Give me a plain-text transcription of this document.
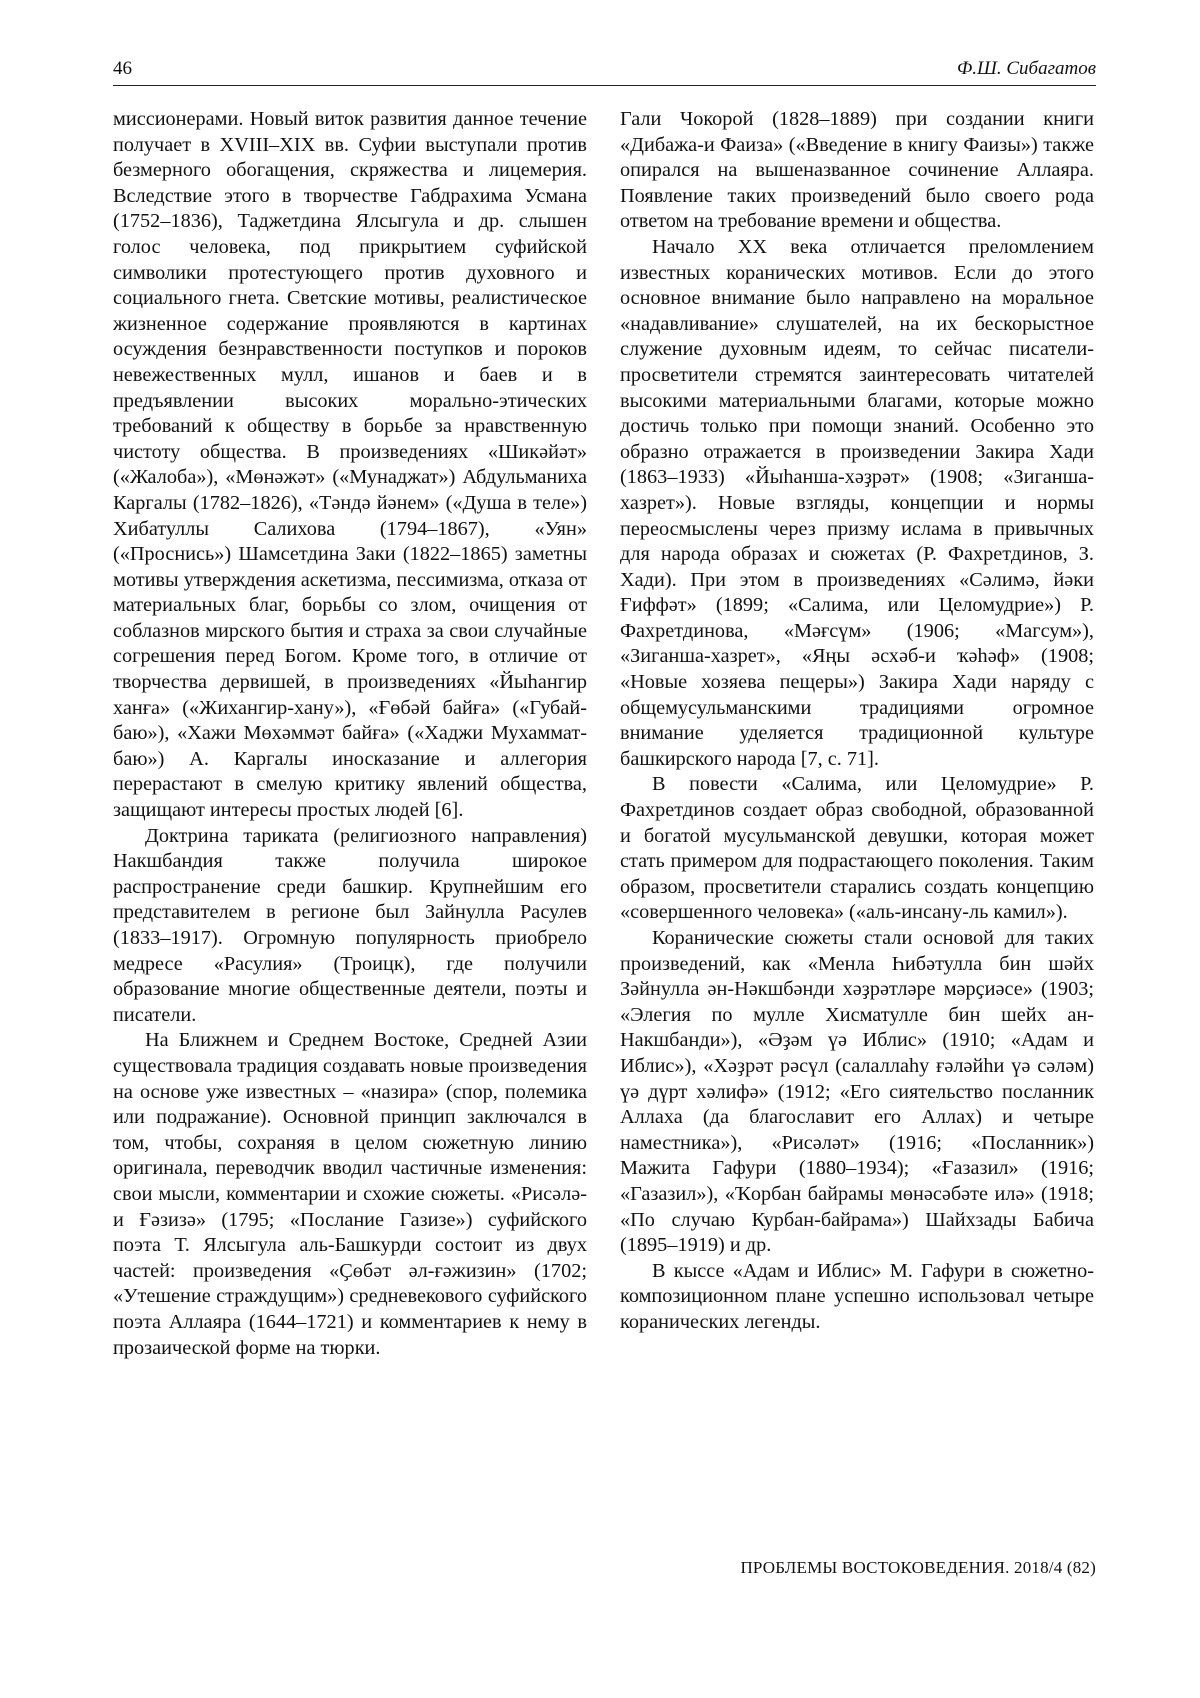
46	Ф.Ш. Сибагатов

миссионерами. Новый виток развития данное течение получает в XVIII–XIX вв. Суфии выступали против безмерного обогащения, скряжества и лицемерия. Вследствие этого в творчестве Габдрахима Усмана (1752–1836), Таджетдина Ялсыгула и др. слышен голос человека, под прикрытием суфийской символики протестующего против духовного и социального гнета. Светские мотивы, реалистическое жизненное содержание проявляются в картинах осуждения безнравственности поступков и пороков невежественных мулл, ишанов и баев и в предъявлении высоких морально-этических требований к обществу в борьбе за нравственную чистоту общества. В произведениях «Шикәйәт» («Жалоба»), «Мөнәжәт» («Мунаджат») Абдульманиха Каргалы (1782–1826), «Тәндә йәнем» («Душа в теле») Хибатуллы Салихова (1794–1867), «Уян» («Проснись») Шамсетдина Заки (1822–1865) заметны мотивы утверждения аскетизма, пессимизма, отказа от материальных благ, борьбы со злом, очищения от соблазнов мирского бытия и страха за свои случайные согрешения перед Богом. Кроме того, в отличие от творчества дервишей, в произведениях «Йыһангир ханға» («Жихангир-хану»), «Ғөбәй байға» («Губай-баю»), «Хажи Мөхәммәт байға» («Хаджи Мухаммат-баю») А. Каргалы иносказание и аллегория перерастают в смелую критику явлений общества, защищают интересы простых людей [6].

Доктрина тариката (религиозного направления) Накшбандия также получила широкое распространение среди башкир. Крупнейшим его представителем в регионе был Зайнулла Расулев (1833–1917). Огромную популярность приобрело медресе «Расулия» (Троицк), где получили образование многие общественные деятели, поэты и писатели.

На Ближнем и Среднем Востоке, Средней Азии существовала традиция создавать новые произведения на основе уже известных – «назира» (спор, полемика или подражание). Основной принцип заключался в том, чтобы, сохраняя в целом сюжетную линию оригинала, переводчик вводил частичные изменения: свои мысли, комментарии и схожие сюжеты. «Рисәлә-и Ғәзизә» (1795; «Послание Газизе») суфийского поэта Т. Ялсыгула аль-Башкурди состоит из двух частей: произведения «Ҫөбәт әл-ғәжизин» (1702; «Утешение страждущим») средневекового суфийского поэта Аллаяра (1644–1721) и комментариев к нему в прозаической форме на тюрки.

Гали Чокорой (1828–1889) при создании книги «Дибажа-и Фаиза» («Введение в книгу Фаизы») также опирался на вышеназванное сочинение Аллаяра. Появление таких произведений было своего рода ответом на требование времени и общества.

Начало XX века отличается преломлением известных коранических мотивов. Если до этого основное внимание было направлено на моральное «надавливание» слушателей, на их бескорыстное служение духовным идеям, то сейчас писатели-просветители стремятся заинтересовать читателей высокими материальными благами, которые можно достичь только при помощи знаний. Особенно это образно отражается в произведении Закира Хади (1863–1933) «Йыһанша-хәҙрәт» (1908; «Зиганша-хазрет»). Новые взгляды, концепции и нормы переосмыслены через призму ислама в привычных для народа образах и сюжетах (Р. Фахретдинов, З. Хади). При этом в произведениях «Сәлимә, йәки Ғиффәт» (1899; «Салима, или Целомудрие») Р. Фахретдинова, «Мәғсүм» (1906; «Магсум»), «Зиганша-хазрет», «Яңы әсхәб-и ҡәһәф» (1908; «Новые хозяева пещеры») Закира Хади наряду с общемусульманскими традициями огромное внимание уделяется традиционной культуре башкирского народа [7, с. 71].

В повести «Салима, или Целомудрие» Р. Фахретдинов создает образ свободной, образованной и богатой мусульманской девушки, которая может стать примером для подрастающего поколения. Таким образом, просветители старались создать концепцию «совершенного человека» («аль-инсану-ль камил»).

Коранические сюжеты стали основой для таких произведений, как «Менла Һибәтулла бин шәйх Зәйнулла ән-Нәкшбәнди хәҙрәтләре мәрҫиәсе» (1903; «Элегия по мулле Хисматулле бин шейх ан-Накшбанди»), «Әҙәм үә Иблис» (1910; «Адам и Иблис»), «Хәҙрәт рәсүл (салаллаһу ғәләйһи үә сәләм) үә дүрт хәлифә» (1912; «Его сиятельство посланник Аллаха (да благославит его Аллах) и четыре наместника»), «Рисәләт» (1916; «Посланник») Мажита Гафури (1880–1934); «Ғазазил» (1916; «Газазил»), «Ҡорбан байрамы мөнәсәбәте илә» (1918; «По случаю Курбан-байрама») Шайхзады Бабича (1895–1919) и др.

В кыссе «Адам и Иблис» М. Гафури в сюжетно-композиционном плане успешно использовал четыре коранических легенды.

ПРОБЛЕМЫ ВОСТОКОВЕДЕНИЯ. 2018/4 (82)
